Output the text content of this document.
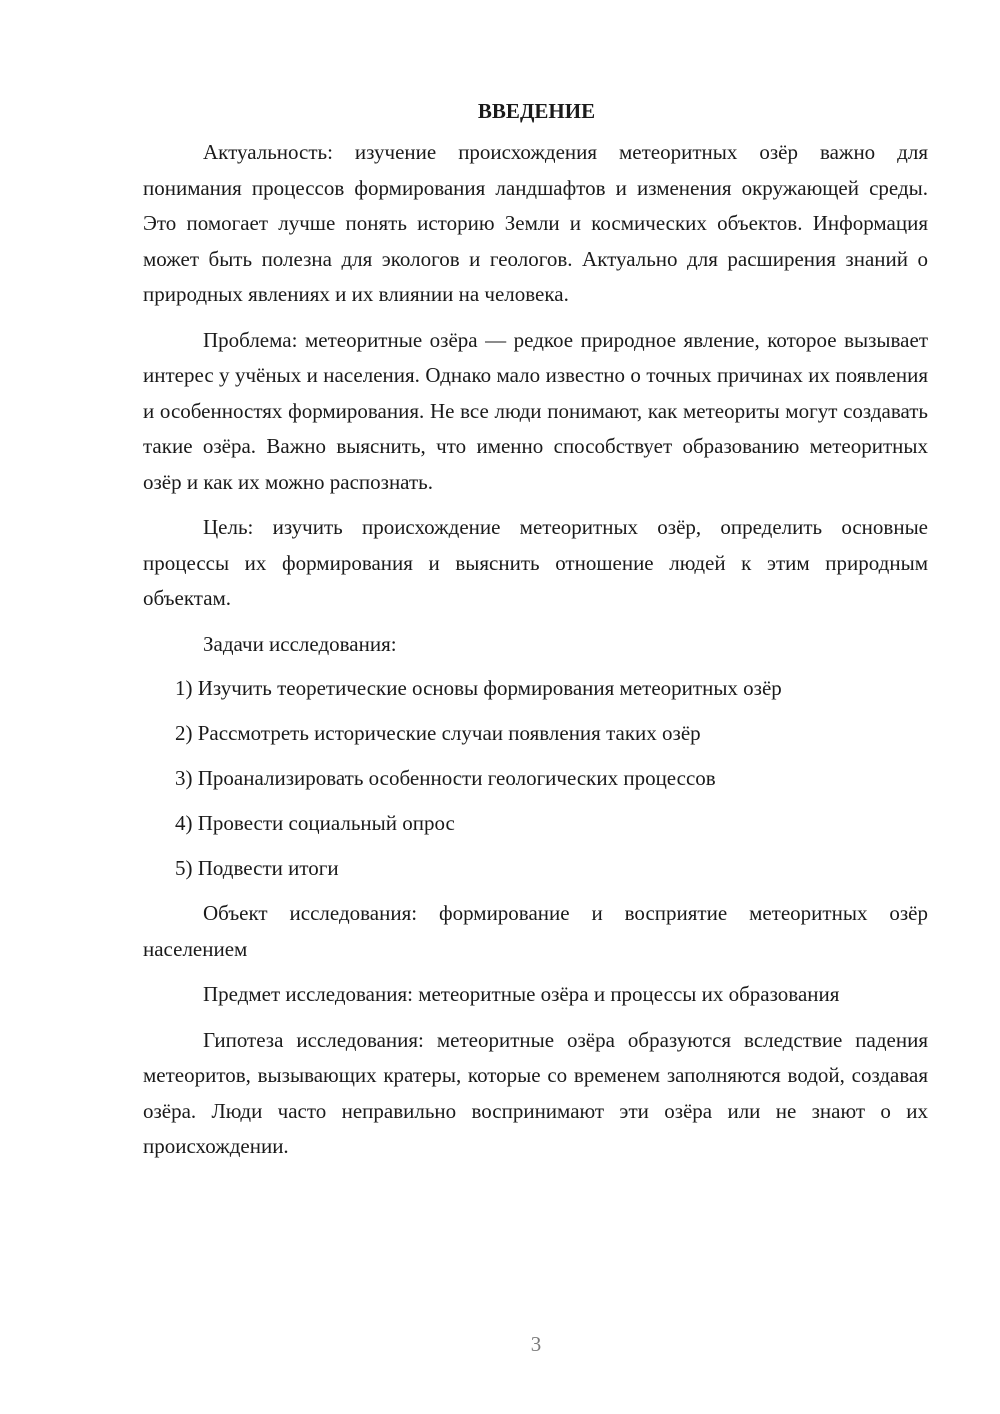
ВВЕДЕНИЕ

Актуальность: изучение происхождения метеоритных озёр важно для понимания процессов формирования ландшафтов и изменения окружающей среды. Это помогает лучше понять историю Земли и космических объектов. Информация может быть полезна для экологов и геологов. Актуально для расширения знаний о природных явлениях и их влиянии на человека.

Проблема: метеоритные озёра — редкое природное явление, которое вызывает интерес у учёных и населения. Однако мало известно о точных причинах их появления и особенностях формирования. Не все люди понимают, как метеориты могут создавать такие озёра. Важно выяснить, что именно способствует образованию метеоритных озёр и как их можно распознать.

Цель: изучить происхождение метеоритных озёр, определить основные процессы их формирования и выяснить отношение людей к этим природным объектам.

Задачи исследования:

1) Изучить теоретические основы формирования метеоритных озёр
2) Рассмотреть исторические случаи появления таких озёр
3) Проанализировать особенности геологических процессов
4) Провести социальный опрос
5) Подвести итоги

Объект исследования: формирование и восприятие метеоритных озёр населением

Предмет исследования: метеоритные озёра и процессы их образования

Гипотеза исследования: метеоритные озёра образуются вследствие падения метеоритов, вызывающих кратеры, которые со временем заполняются водой, создавая озёра. Люди часто неправильно воспринимают эти озёра или не знают о их происхождении.

3
